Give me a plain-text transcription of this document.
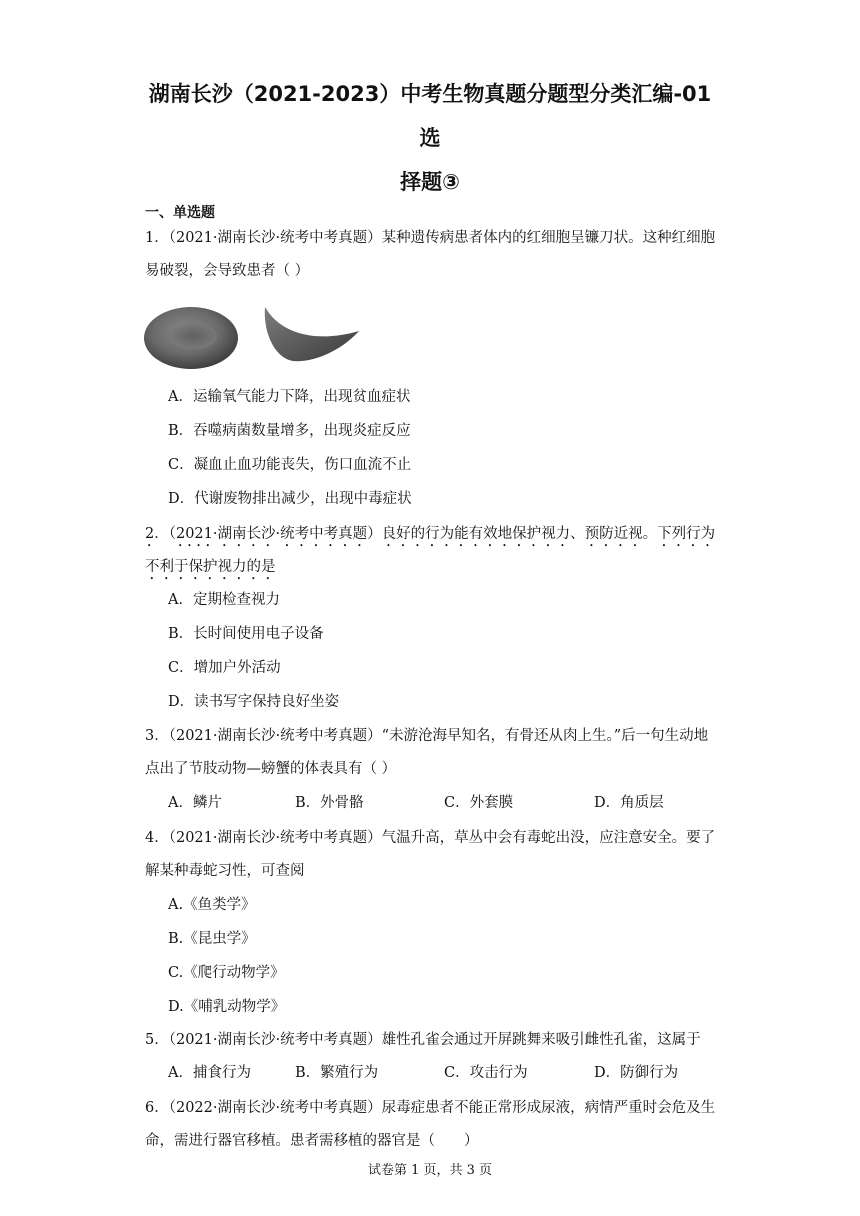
湖南长沙（2021-2023）中考生物真题分题型分类汇编-01选
择题③
一、单选题
1．（2021·湖南长沙·统考中考真题）某种遗传病患者体内的红细胞呈镰刀状。这种红细胞易破裂，会导致患者（ ）
A．运输氧气能力下降，出现贫血症状
B．吞噬病菌数量增多，出现炎症反应
C．凝血止血功能丧失，伤口血流不止
D．代谢废物排出减少，出现中毒症状
2．（2021·湖南长沙·统考中考真题）良好的行为能有效地保护视力、预防近视。下列行为不利于保护视力的是
A．定期检查视力
B．长时间使用电子设备
C．增加户外活动
D．读书写字保持良好坐姿
3．（2021·湖南长沙·统考中考真题）“未游沧海早知名，有骨还从肉上生。”后一句生动地点出了节肢动物—螃蟹的体表具有（ ）
A．鳞片	B．外骨骼	C．外套膜	D．角质层
4．（2021·湖南长沙·统考中考真题）气温升高，草丛中会有毒蛇出没，应注意安全。要了解某种毒蛇习性，可查阅
A.《鱼类学》
B.《昆虫学》
C.《爬行动物学》
D.《哺乳动物学》
5．（2021·湖南长沙·统考中考真题）雄性孔雀会通过开屏跳舞来吸引雌性孔雀，这属于
A．捕食行为	B．繁殖行为	C．攻击行为	D．防御行为
6．（2022·湖南长沙·统考中考真题）尿毒症患者不能正常形成尿液，病情严重时会危及生命，需进行器官移植。患者需移植的器官是（　　）
试卷第 1 页，共 3 页
